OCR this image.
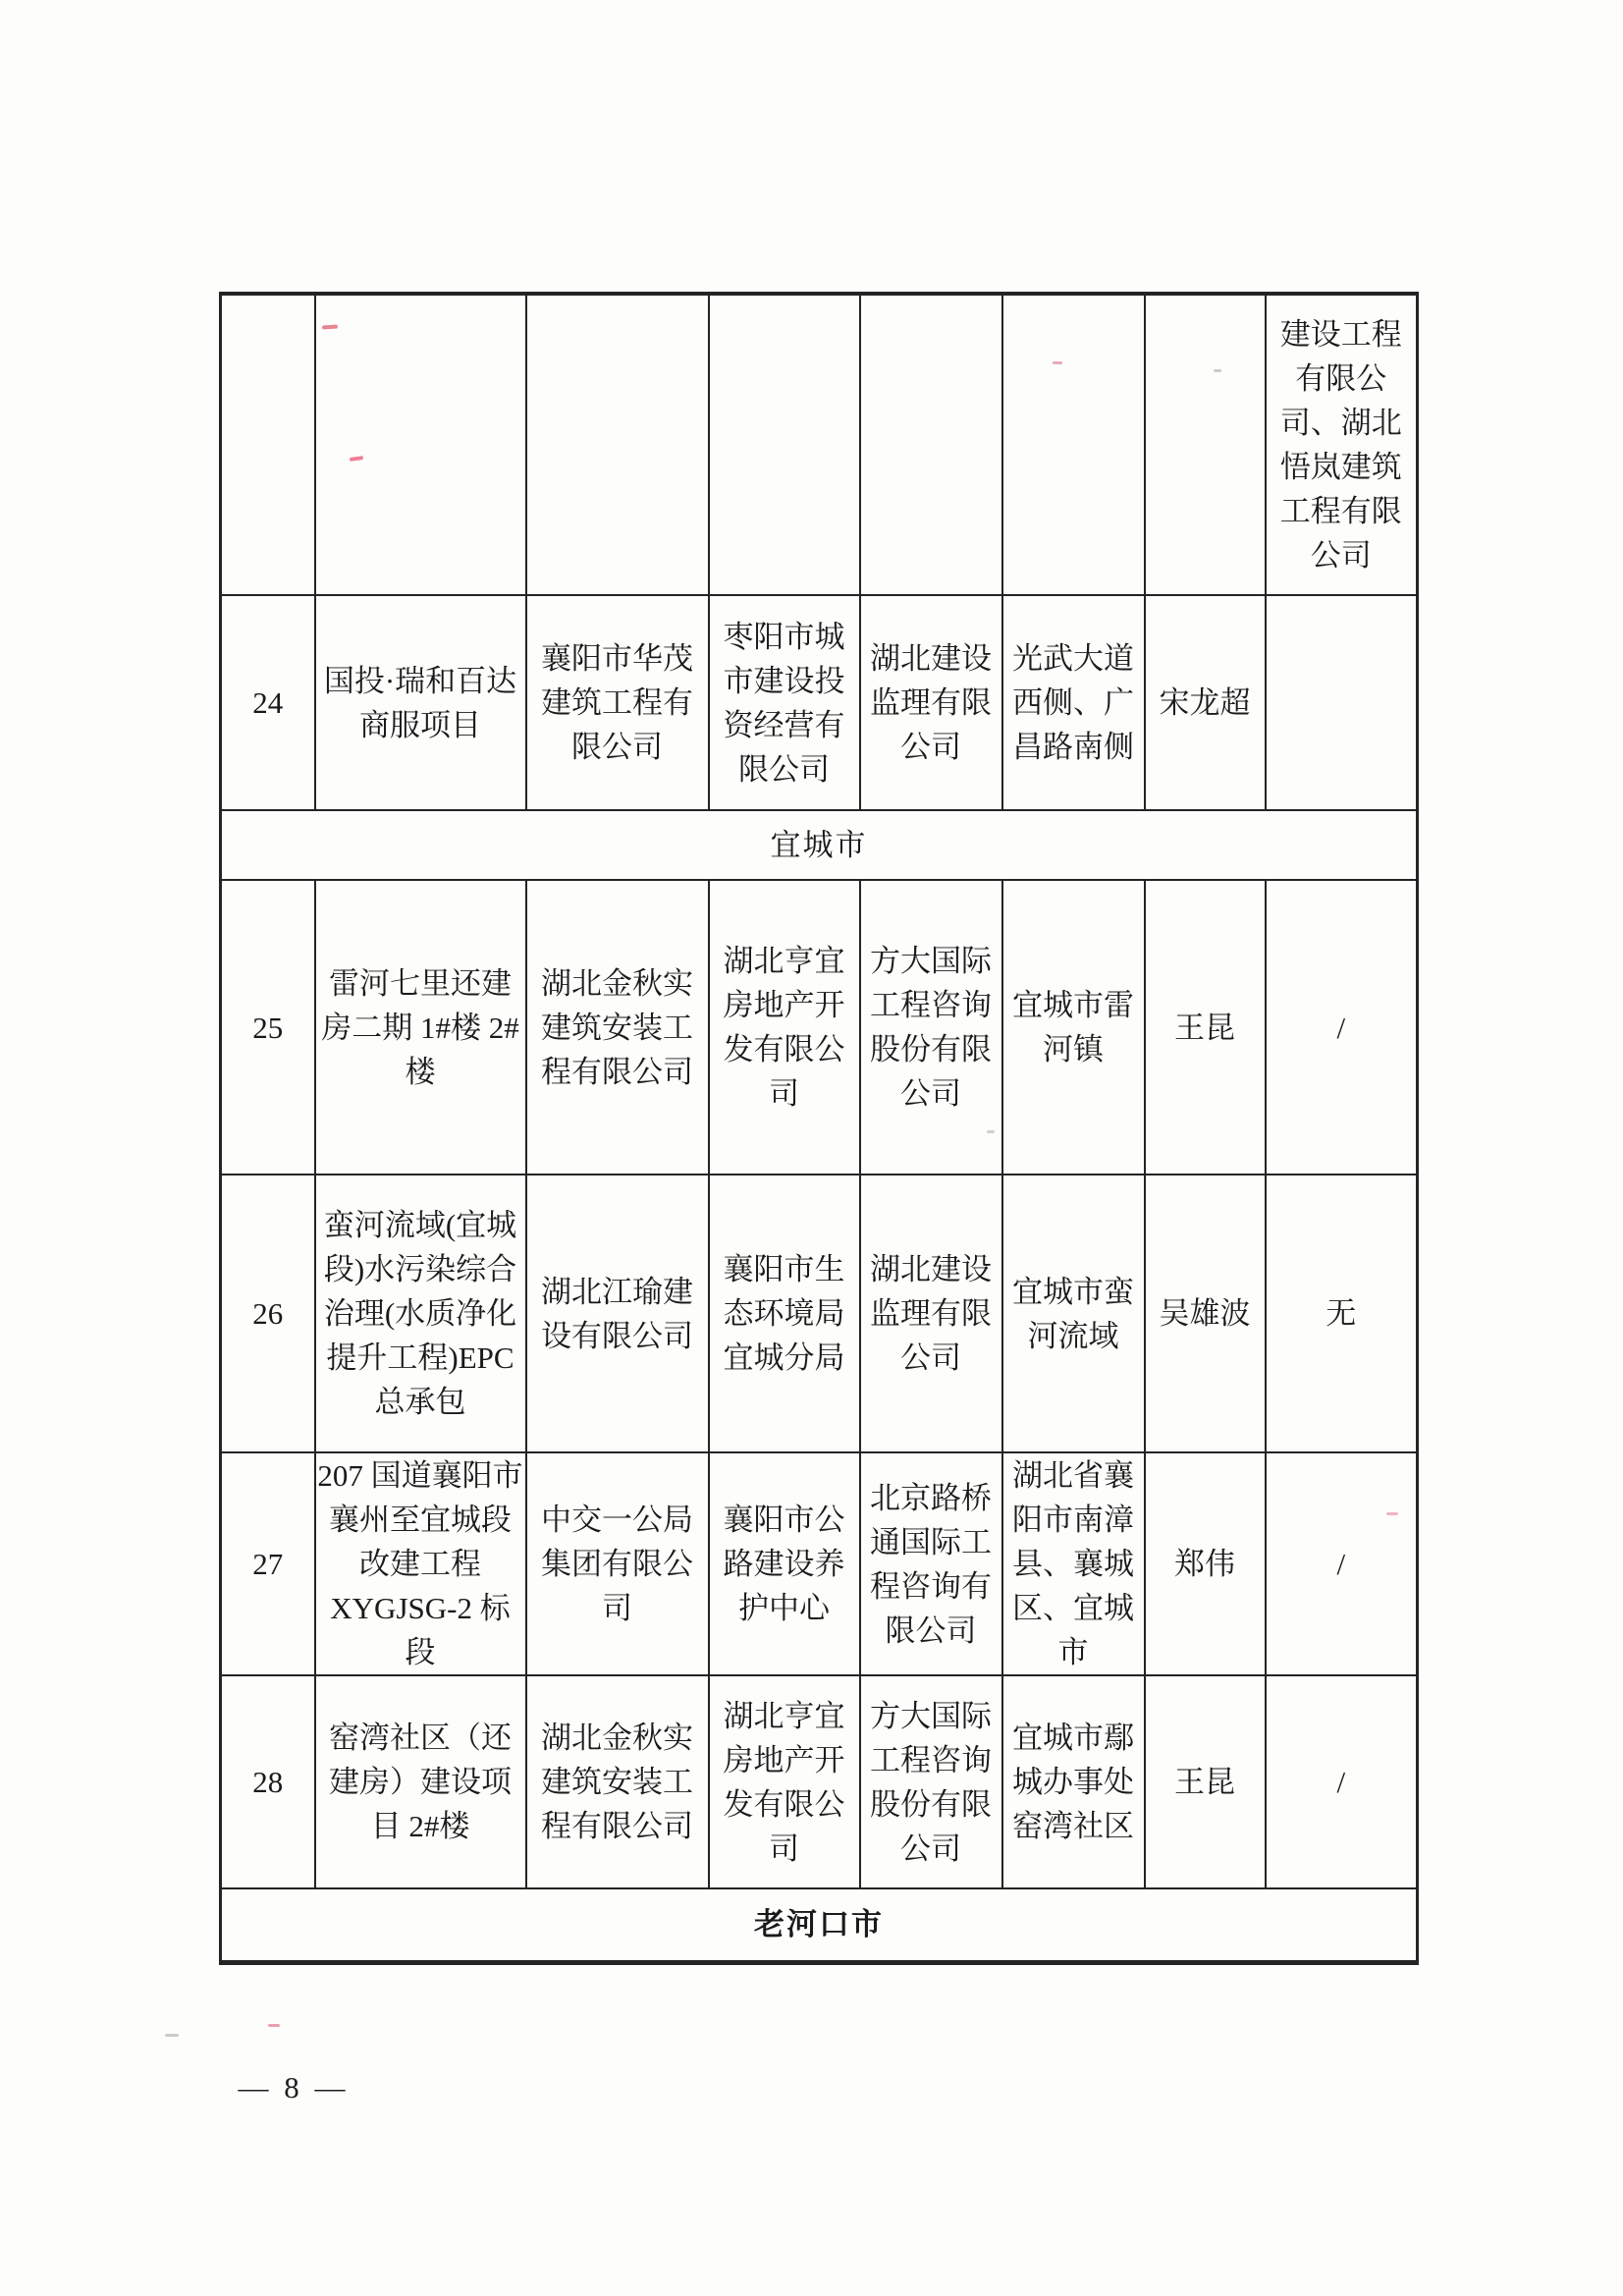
							建设工程有限公司、湖北悟岚建筑工程有限公司
24	国投·瑞和百达商服项目	襄阳市华茂建筑工程有限公司	枣阳市城市建设投资经营有限公司	湖北建设监理有限公司	光武大道西侧、广昌路南侧	宋龙超	
宜城市							
25	雷河七里还建房二期 1#楼 2#楼	湖北金秋实建筑安装工程有限公司	湖北亨宜房地产开发有限公司	方大国际工程咨询股份有限公司	宜城市雷河镇	王昆	/
26	蛮河流域(宜城段)水污染综合治理(水质净化提升工程)EPC 总承包	湖北江瑜建设有限公司	襄阳市生态环境局宜城分局	湖北建设监理有限公司	宜城市蛮河流域	吴雄波	无
27	207 国道襄阳市襄州至宜城段改建工程 XYGJSG-2 标段	中交一公局集团有限公司	襄阳市公路建设养护中心	北京路桥通国际工程咨询有限公司	湖北省襄阳市南漳县、襄城区、宜城市	郑伟	/
28	窑湾社区（还建房）建设项目 2#楼	湖北金秋实建筑安装工程有限公司	湖北亨宜房地产开发有限公司	方大国际工程咨询股份有限公司	宜城市鄢城办事处窑湾社区	王昆	/
老河口市							
— 8 —
